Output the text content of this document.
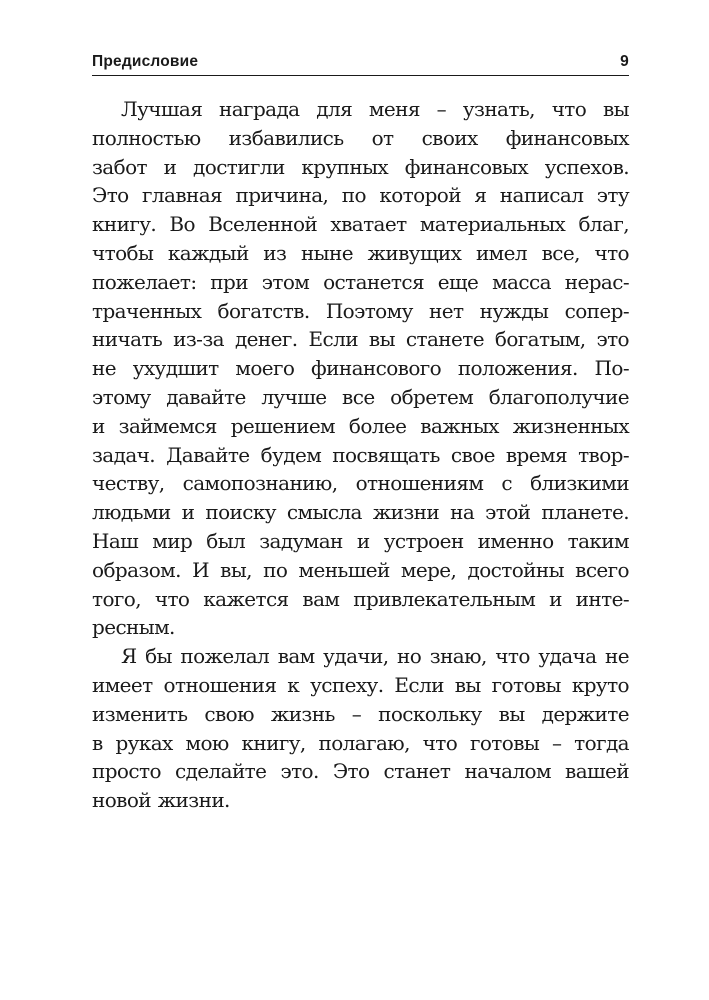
Предисловие	9
Лучшая награда для меня – узнать, что вы
полностью избавились от своих финансовых
забот и достигли крупных финансовых успехов.
Это главная причина, по которой я написал эту
книгу. Во Вселенной хватает материальных благ,
чтобы каждый из ныне живущих имел все, что
пожелает: при этом останется еще масса нерас-
траченных богатств. Поэтому нет нужды сопер-
ничать из-за денег. Если вы станете богатым, это
не ухудшит моего финансового положения. По-
этому давайте лучше все обретем благополучие
и займемся решением более важных жизненных
задач. Давайте будем посвящать свое время твор-
честву, самопознанию, отношениям с близкими
людьми и поиску смысла жизни на этой планете.
Наш мир был задуман и устроен именно таким
образом. И вы, по меньшей мере, достойны всего
того, что кажется вам привлекательным и инте-
ресным.
Я бы пожелал вам удачи, но знаю, что удача не
имеет отношения к успеху. Если вы готовы круто
изменить свою жизнь – поскольку вы держите
в руках мою книгу, полагаю, что готовы – тогда
просто сделайте это. Это станет началом вашей
новой жизни.
